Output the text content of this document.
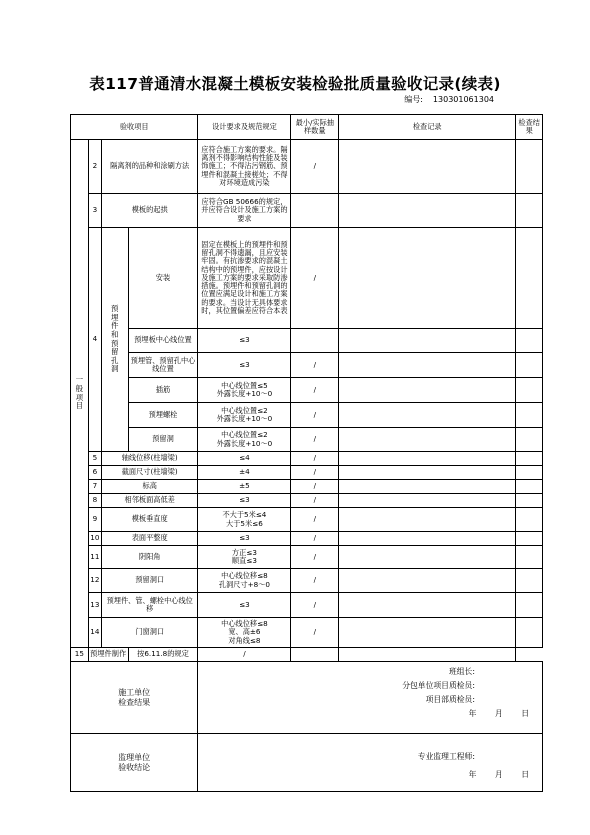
表117普通清水混凝土模板安装检验批质量验收记录(续表)
编号: 130301061304
验收项目				设计要求及规范规定	最小/实际抽样数量	检查记录	检查结果
一般项目	2	隔离剂的品种和涂刷方法		应符合施工方案的要求。隔离剂不得影响结构性能及装饰施工；不得沾污钢筋、预埋件和混凝土接槎处；不得对环境造成污染	/		
	3	模板的起拱		应符合GB 50666的规定，并应符合设计及施工方案的要求			
	4	预埋件和预留孔洞	安装	固定在模板上的预埋件和预留孔洞不得遗漏，且应安装牢固。有抗渗要求的混凝土结构中的预埋件，应按设计及施工方案的要求采取防渗措施。预埋件和预留孔洞的位置应满足设计和施工方案的要求。当设计无具体要求时，其位置偏差应符合本表	/		
			预埋板中心线位置	≤3			
			预埋管、预留孔中心线位置	≤3	/		
			插筋	中心线位置≤5
外露长度+10～0	/		
			预埋螺栓	中心线位置≤2
外露长度+10～0	/		
			预留洞	中心线位置≤2
外露长度+10～0	/		
	5	轴线位移(柱墙梁)		≤4	/		
	6	截面尺寸(柱墙梁)		±4	/		
	7	标高		±5	/		
	8	相邻板面高低差		≤3	/		
	9	模板垂直度		不大于5米≤4
大于5米≤6	/		
	10	表面平整度		≤3	/		
	11	阴阳角		方正≤3
顺直≤3	/		
	12	预留洞口		中心线位移≤8
孔洞尺寸+8～0	/		
	13	预埋件、管、螺栓中心线位移		≤3	/		
	14	门窗洞口		中心线位移≤8
宽、高±6
对角线≤8	/		
15	预埋件制作		按6.11.8的规定	/			
施工单位
检查结果				班组长:
分包单位项目质检员:
项目部质检员:
年 月 日			

监理单位
验收结论				专业监理工程师:
年 月 日			
